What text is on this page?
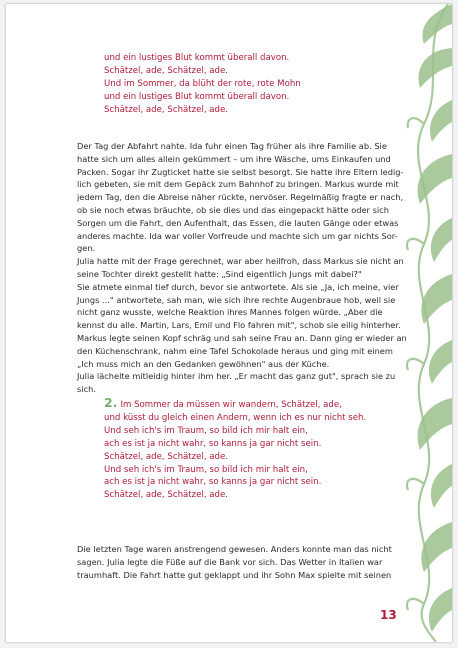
und ein lustiges Blut kommt überall davon.
Schätzel, ade, Schätzel, ade.
Und im Sommer, da blüht der rote, rote Mohn
und ein lustiges Blut kommt überall davon.
Schätzel, ade, Schätzel, ade.
Der Tag der Abfahrt nahte. Ida fuhr einen Tag früher als ihre Familie ab. Sie
hatte sich um alles allein gekümmert – um ihre Wäsche, ums Einkaufen und
Packen. Sogar ihr Zugticket hatte sie selbst besorgt. Sie hatte ihre Eltern ledig-
lich gebeten, sie mit dem Gepäck zum Bahnhof zu bringen. Markus wurde mit
jedem Tag, den die Abreise näher rückte, nervöser. Regelmäßig fragte er nach,
ob sie noch etwas bräuchte, ob sie dies und das eingepackt hätte oder sich
Sorgen um die Fahrt, den Aufenthalt, das Essen, die lauten Gänge oder etwas
anderes machte. Ida war voller Vorfreude und machte sich um gar nichts Sor-
gen.
Julia hatte mit der Frage gerechnet, war aber heilfroh, dass Markus sie nicht an
seine Tochter direkt gestellt hatte: „Sind eigentlich Jungs mit dabei?"
Sie atmete einmal tief durch, bevor sie antwortete. Als sie „Ja, ich meine, vier
Jungs ..." antwortete, sah man, wie sich ihre rechte Augenbraue hob, weil sie
nicht ganz wusste, welche Reaktion ihres Mannes folgen würde. „Aber die
kennst du alle. Martin, Lars, Emil und Flo fahren mit", schob sie eilig hinterher.
Markus legte seinen Kopf schräg und sah seine Frau an. Dann ging er wieder an
den Küchenschrank, nahm eine Tafel Schokolade heraus und ging mit einem
„Ich muss mich an den Gedanken gewöhnen" aus der Küche.
Julia lächelte mitleidig hinter ihm her. „Er macht das ganz gut", sprach sie zu
sich.
2. Im Sommer da müssen wir wandern, Schätzel, ade,
und küsst du gleich einen Andern, wenn ich es nur nicht seh.
Und seh ich's im Traum, so bild ich mir halt ein,
ach es ist ja nicht wahr, so kanns ja gar nicht sein.
Schätzel, ade, Schätzel, ade.
Und seh ich's im Traum, so bild ich mir halt ein,
ach es ist ja nicht wahr, so kanns ja gar nicht sein.
Schätzel, ade, Schätzel, ade.
Die letzten Tage waren anstrengend gewesen. Anders konnte man das nicht
sagen. Julia legte die Füße auf die Bank vor sich. Das Wetter in Italien war
traumhaft. Die Fahrt hatte gut geklappt und ihr Sohn Max spielte mit seinen
13
